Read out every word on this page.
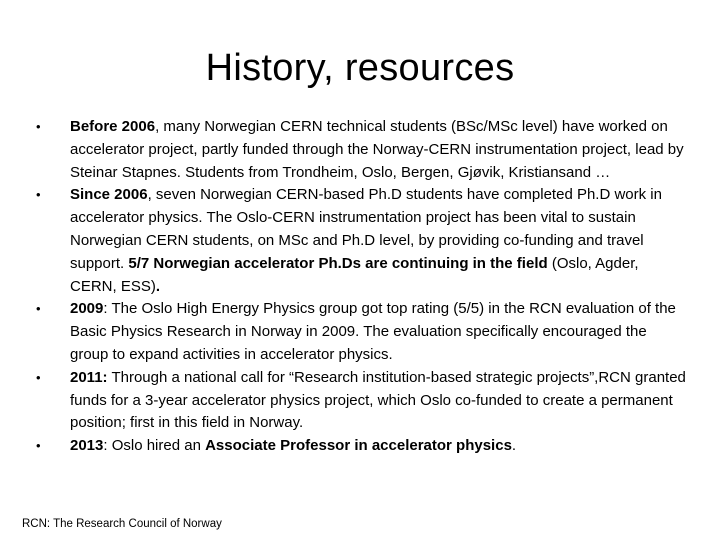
History, resources
• Before 2006, many Norwegian CERN technical students (BSc/MSc level) have worked on accelerator project, partly funded through the Norway-CERN instrumentation project, lead by Steinar Stapnes. Students from Trondheim, Oslo, Bergen, Gjøvik, Kristiansand …
• Since 2006, seven Norwegian CERN-based Ph.D students have completed Ph.D work in accelerator physics. The Oslo-CERN instrumentation project has been vital to sustain Norwegian CERN students, on MSc and Ph.D level, by providing co-funding and travel support. 5/7 Norwegian accelerator Ph.Ds are continuing in the field (Oslo, Agder, CERN, ESS).
• 2009: The Oslo High Energy Physics group got top rating (5/5) in the RCN evaluation of the Basic Physics Research in Norway in 2009. The evaluation specifically encouraged the group to expand activities in accelerator physics.
• 2011: Through a national call for “Research institution-based strategic projects”,RCN granted funds for a 3-year accelerator physics project, which Oslo co-funded to create a permanent position; first in this field in Norway.
• 2013: Oslo hired an Associate Professor in accelerator physics.
RCN: The Research Council of Norway
